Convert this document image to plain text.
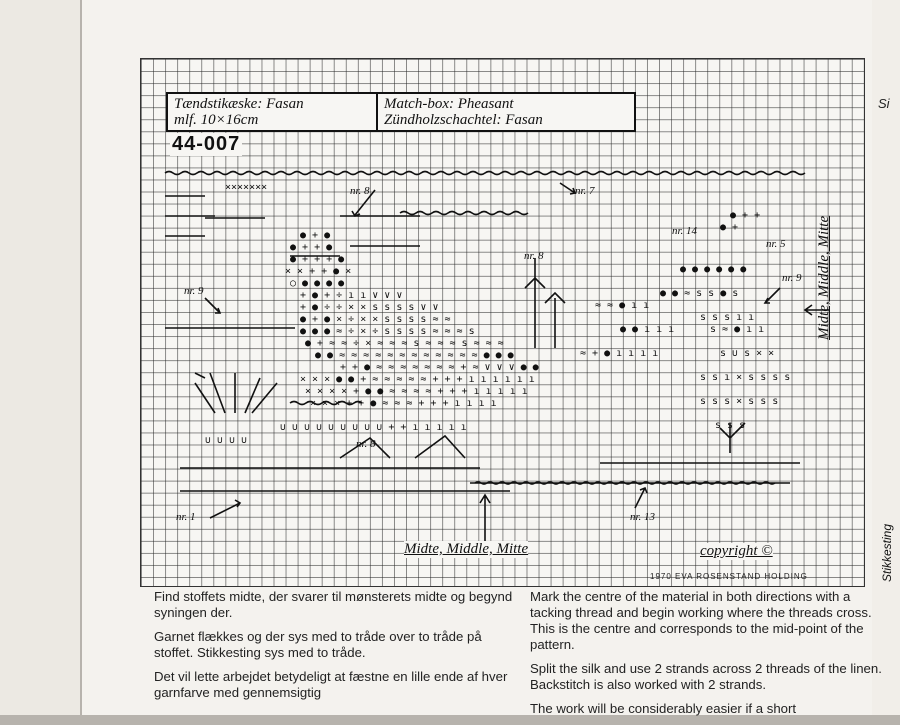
● + ●
● + + ●
● + + + ●
× × + + ● ×
○ ● ● ● ●
+ ● + ÷ ı ı ∨ ∨ ∨
+ ● ÷ ÷ × × s s s s ∨ ∨
● + ● × ÷ × × s s s s ≈ ≈
● ● ● ≈ ÷ × ÷ s s s s ≈ ≈ ≈ s
● + ≈ ≈ ÷ × ≈ ≈ ≈ s ≈ ≈ ≈ s ≈ ≈ ≈
● ● ≈ ≈ ≈ ≈ ≈ ≈ ≈ ≈ ≈ ≈ ≈ ≈ ● ● ●
+ + ● ≈ ≈ ≈ ≈ ≈ ≈ ≈ + ≈ ∨ ∨ ∨ ● ●
× × × ● ● + ≈ ≈ ≈ ≈ ≈ + + + ı ı ı ı ı ı
× × × × + ● ● ≈ ≈ ≈ ≈ + + + ı ı ı ı ı
× × × + + ● ≈ ≈ ≈ + + + ı ı ı ı
∪ ∪ ∪ ∪ ∪ ∪ ∪ ∪ ∪ + + ı ı ı ı ı
∪ ∪ ∪ ∪
s s s ı ı
s ≈ ● ı ı
s ∪ s × ×
s s ı × s s s s
s s s × s s s
s s s
● ● ≈ s s ● s
● ● ● ● ● ●
● + +
● +
≈ + ● ı ı ı ı
≈ ≈ ● ı ı
● ● ı ı ı
×××××××
Tændstikæske: Fasan
mlf. 10×16cm
Match-box: Pheasant
Zündholzschachtel: Fasan
44-007
nr. 8	nr. 7
nr. 14
nr. 5
nr. 9
nr. 8
nr. 9
nr. 8
nr. 1	nr. 13
Midte, Middle, Mitte
Midte, Middle, Mitte
copyright ©
1970 EVA ROSENSTAND HOLDING

Find stoffets midte, der svarer til mønsterets midte og begynd syningen der.

Garnet flækkes og der sys med to tråde over to tråde på stoffet. Stikkesting sys med to tråde.

Det vil lette arbejdet betydeligt at fæstne en lille ende af hver garnfarve med gennemsigtig

Mark the centre of the material in both directions with a tacking thread and begin working where the threads cross. This is the centre and corresponds to the mid-point of the pattern.

Split the silk and use 2 strands across 2 threads of the linen. Backstitch is also worked with 2 strands.

The work will be considerably easier if a short

Si
Stikkesting
